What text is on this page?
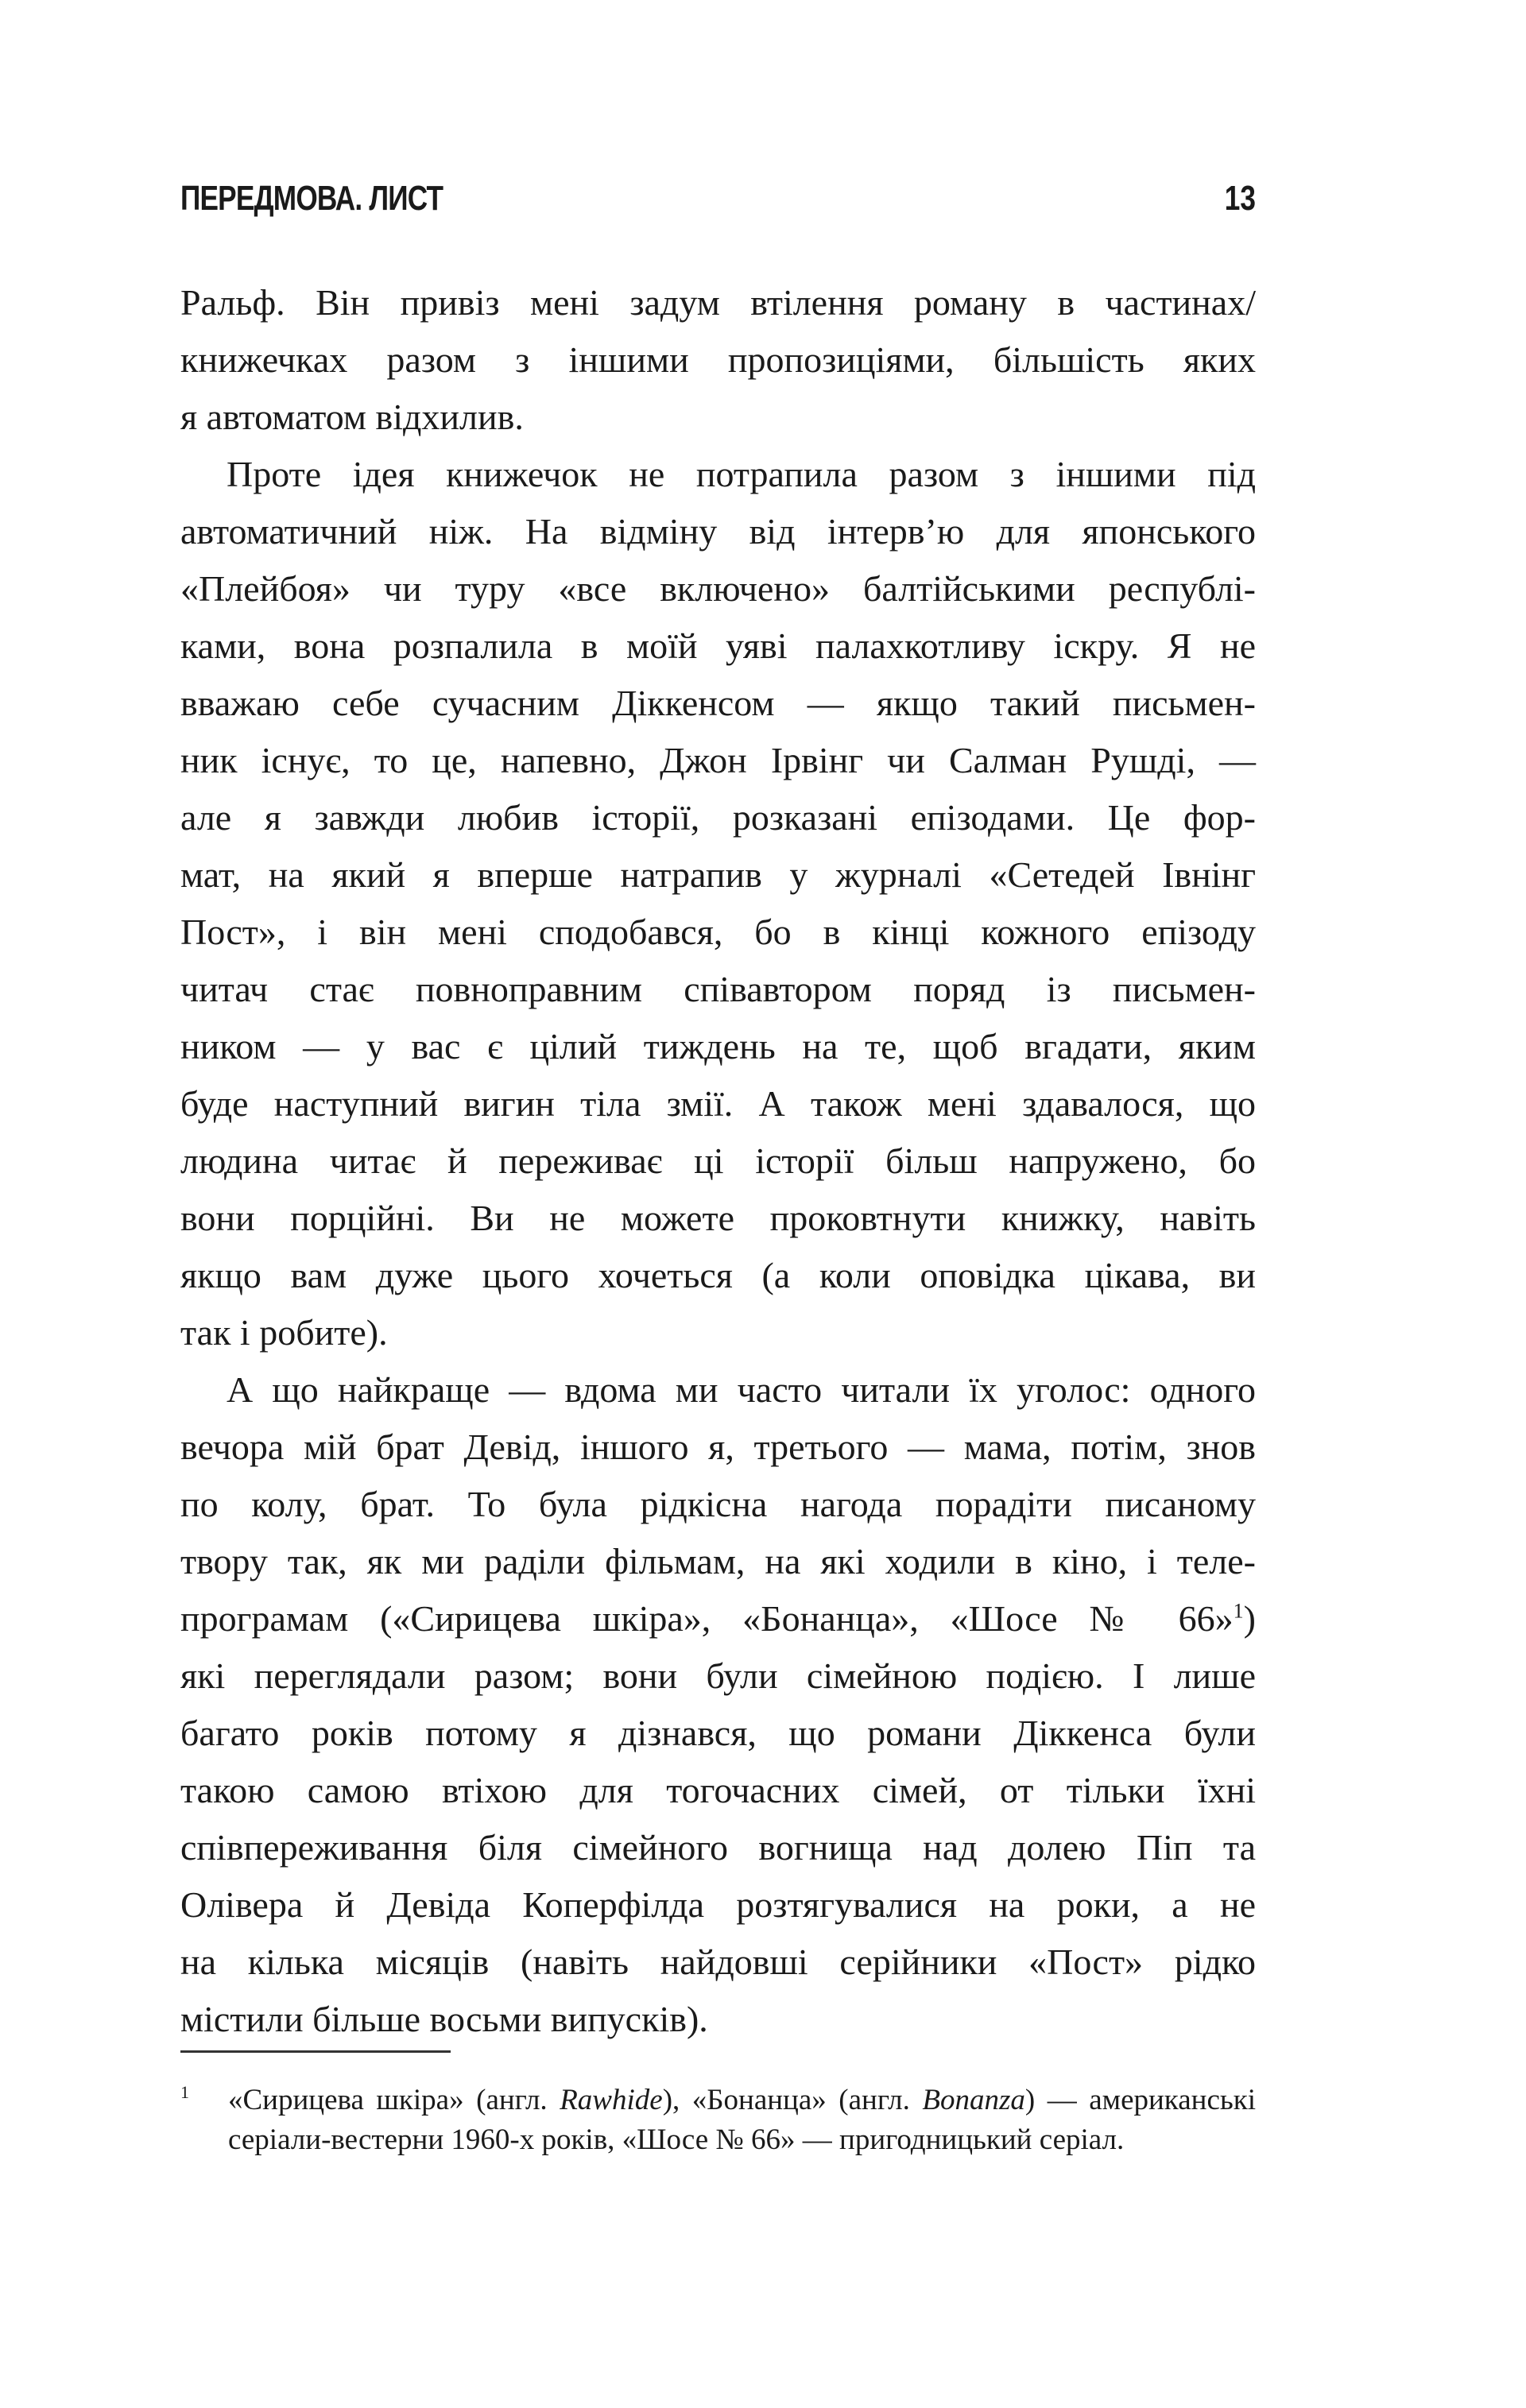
ПЕРЕДМОВА. ЛИСТ	13
Ральф. Він привіз мені задум втілення роману в частинах/
книжечках разом з іншими пропозиціями, більшість яких
я автоматом відхилив.
Проте ідея книжечок не потрапила разом з іншими під
автоматичний ніж. На відміну від інтерв’ю для японського
«Плейбоя» чи туру «все включено» балтійськими республі-
ками, вона розпалила в моїй уяві палахкотливу іскру. Я не
вважаю себе сучасним Діккенсом — якщо такий письмен-
ник існує, то це, напевно, Джон Ірвінг чи Салман Рушді, —
але я завжди любив історії, розказані епізодами. Це фор-
мат, на який я вперше натрапив у журналі «Сетедей Івнінг
Пост», і він мені сподобався, бо в кінці кожного епізоду
читач стає повноправним співавтором поряд із письмен-
ником — у вас є цілий тиждень на те, щоб вгадати, яким
буде наступний вигин тіла змії. А також мені здавалося, що
людина читає й переживає ці історії більш напружено, бо
вони порційні. Ви не можете проковтнути книжку, навіть
якщо вам дуже цього хочеться (а коли оповідка цікава, ви
так і робите).
А що найкраще — вдома ми часто читали їх уголос: одного
вечора мій брат Девід, іншого я, третього — мама, потім, знов
по колу, брат. То була рідкісна нагода порадіти писаному
твору так, як ми раділи фільмам, на які ходили в кіно, і теле-
програмам («Сирицева шкіра», «Бонанца», «Шосе № 66»$^1$)
які переглядали разом; вони були сімейною подією. І лише
багато років потому я дізнався, що романи Діккенса були
такою самою втіхою для тогочасних сімей, от тільки їхні
співпереживання біля сімейного вогнища над долею Піп та
Олівера й Девіда Коперфілда розтягувалися на роки, а не
на кілька місяців (навіть найдовші серійники «Пост» рідко
містили більше восьми випусків).
1 «Сирицева шкіра» (англ. Rawhide), «Бонанца» (англ. Bonanza) — американські
серіали-вестерни 1960-х років, «Шосе № 66» — пригодницький серіал.
